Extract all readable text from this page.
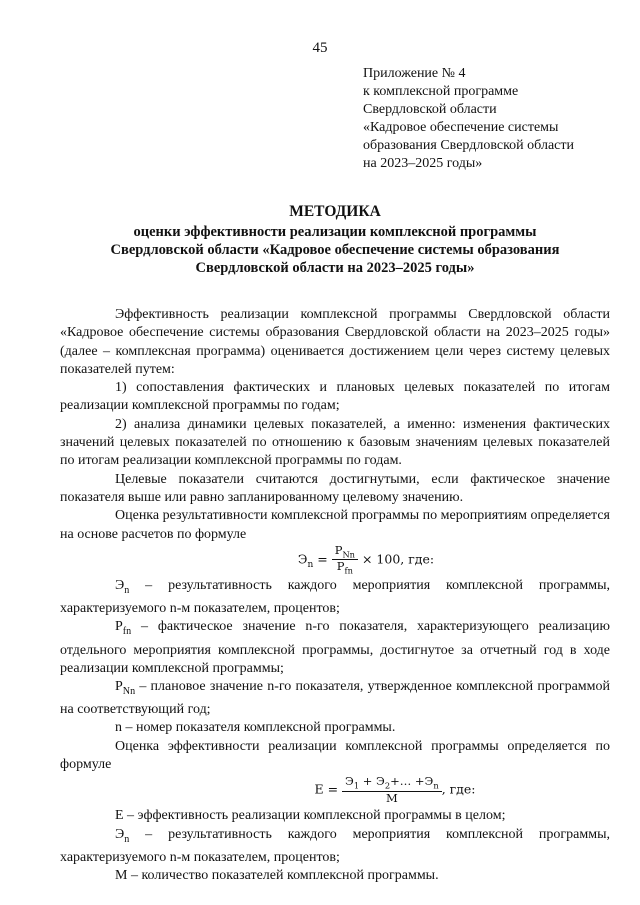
45
Приложение № 4
к комплексной программе
Свердловской области
«Кадровое обеспечение системы
образования Свердловской области
на 2023–2025 годы»
МЕТОДИКА
оценки эффективности реализации комплексной программы
Свердловской области «Кадровое обеспечение системы образования
Свердловской области на 2023–2025 годы»

Эффективность реализации комплексной программы Свердловской области «Кадровое обеспечение системы образования Свердловской области на 2023–2025 годы» (далее – комплексная программа) оценивается достижением цели через систему целевых показателей путем:

1) сопоставления фактических и плановых целевых показателей по итогам реализации комплексной программы по годам;

2) анализа динамики целевых показателей, а именно: изменения фактических значений целевых показателей по отношению к базовым значениям целевых показателей по итогам реализации комплексной программы по годам.

Целевые показатели считаются достигнутыми, если фактическое значение показателя выше или равно запланированному целевому значению.

Оценка результативности комплексной программы по мероприятиям определяется на основе расчетов по формуле

$Э_n = \frac{P_{Nn}}{P_{fn}} \times 100$, где:

$Э_n$ – результативность каждого мероприятия комплексной программы, характеризуемого n-м показателем, процентов;

$Р_{fn}$ – фактическое значение n-го показателя, характеризующего реализацию отдельного мероприятия комплексной программы, достигнутое за отчетный год в ходе реализации комплексной программы;

$Р_{Nn}$ – плановое значение n-го показателя, утвержденное комплексной программой на соответствующий год;

n – номер показателя комплексной программы.

Оценка эффективности реализации комплексной программы определяется по формуле

$E = \frac{Э_1 + Э_2+\dots +Э_n}{M}$ , где:

Е – эффективность реализации комплексной программы в целом;

$Э_n$ – результативность каждого мероприятия комплексной программы, характеризуемого n-м показателем, процентов;

М – количество показателей комплексной программы.
